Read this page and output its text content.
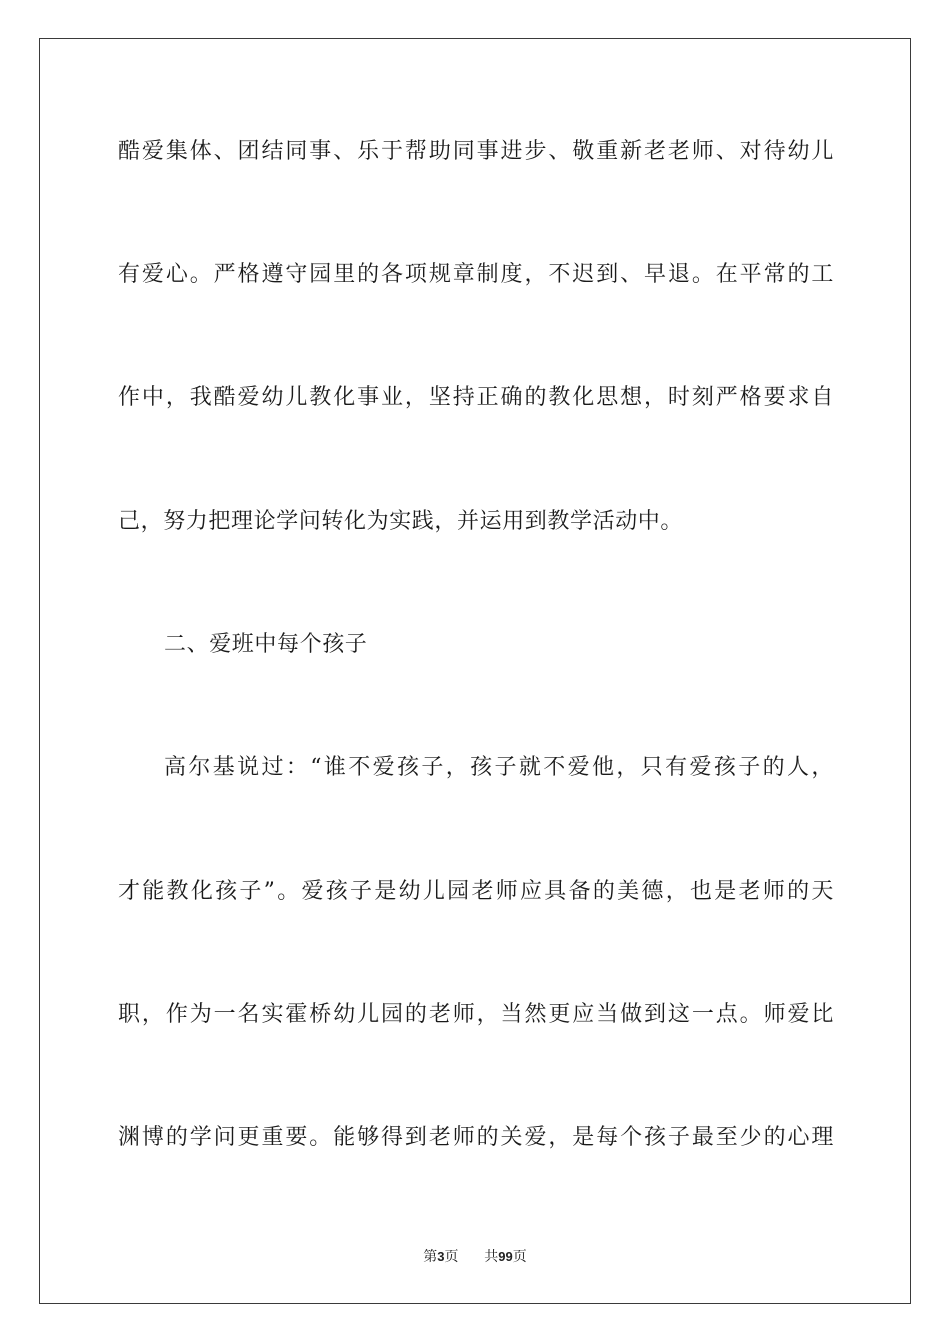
酷爱集体、团结同事、乐于帮助同事进步、敬重新老老师、对待幼儿
有爱心。严格遵守园里的各项规章制度，不迟到、早退。在平常的工
作中，我酷爱幼儿教化事业，坚持正确的教化思想，时刻严格要求自
己，努力把理论学问转化为实践，并运用到教学活动中。
二、爱班中每个孩子
高尔基说过：“谁不爱孩子，孩子就不爱他，只有爱孩子的人，
才能教化孩子”。爱孩子是幼儿园老师应具备的美德，也是老师的天
职，作为一名实霍桥幼儿园的老师，当然更应当做到这一点。师爱比
渊博的学问更重要。能够得到老师的关爱，是每个孩子最至少的心理
第3页 共99页
